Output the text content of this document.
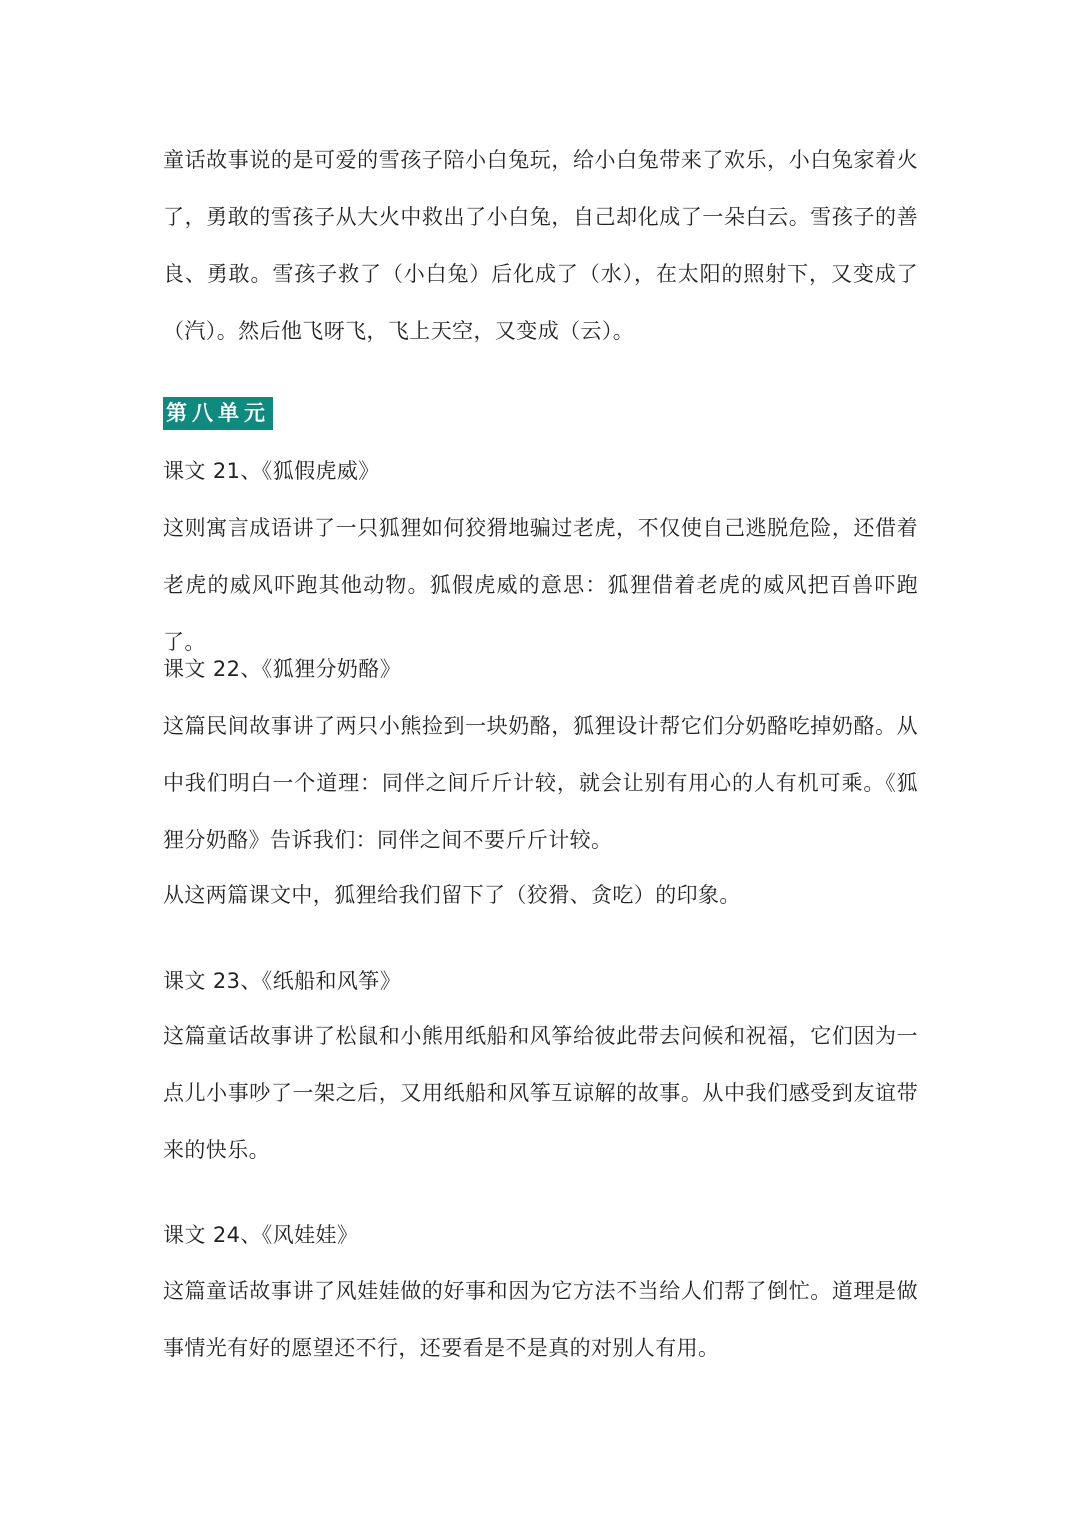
童话故事说的是可爱的雪孩子陪小白兔玩，给小白兔带来了欢乐，小白兔家着火了，勇敢的雪孩子从大火中救出了小白兔，自己却化成了一朵白云。雪孩子的善良、勇敢。雪孩子救了（小白兔）后化成了（水），在太阳的照射下，又变成了（汽）。然后他飞呀飞，飞上天空，又变成（云）。

第八单元

课文 21、《狐假虎威》

这则寓言成语讲了一只狐狸如何狡猾地骗过老虎，不仅使自己逃脱危险，还借着老虎的威风吓跑其他动物。狐假虎威的意思：狐狸借着老虎的威风把百兽吓跑了。

课文 22、《狐狸分奶酪》

这篇民间故事讲了两只小熊捡到一块奶酪，狐狸设计帮它们分奶酪吃掉奶酪。从中我们明白一个道理：同伴之间斤斤计较，就会让别有用心的人有机可乘。《狐狸分奶酪》告诉我们：同伴之间不要斤斤计较。

从这两篇课文中，狐狸给我们留下了（狡猾、贪吃）的印象。

课文 23、《纸船和风筝》

这篇童话故事讲了松鼠和小熊用纸船和风筝给彼此带去问候和祝福，它们因为一点儿小事吵了一架之后，又用纸船和风筝互谅解的故事。从中我们感受到友谊带来的快乐。

课文 24、《风娃娃》

这篇童话故事讲了风娃娃做的好事和因为它方法不当给人们帮了倒忙。道理是做事情光有好的愿望还不行，还要看是不是真的对别人有用。
